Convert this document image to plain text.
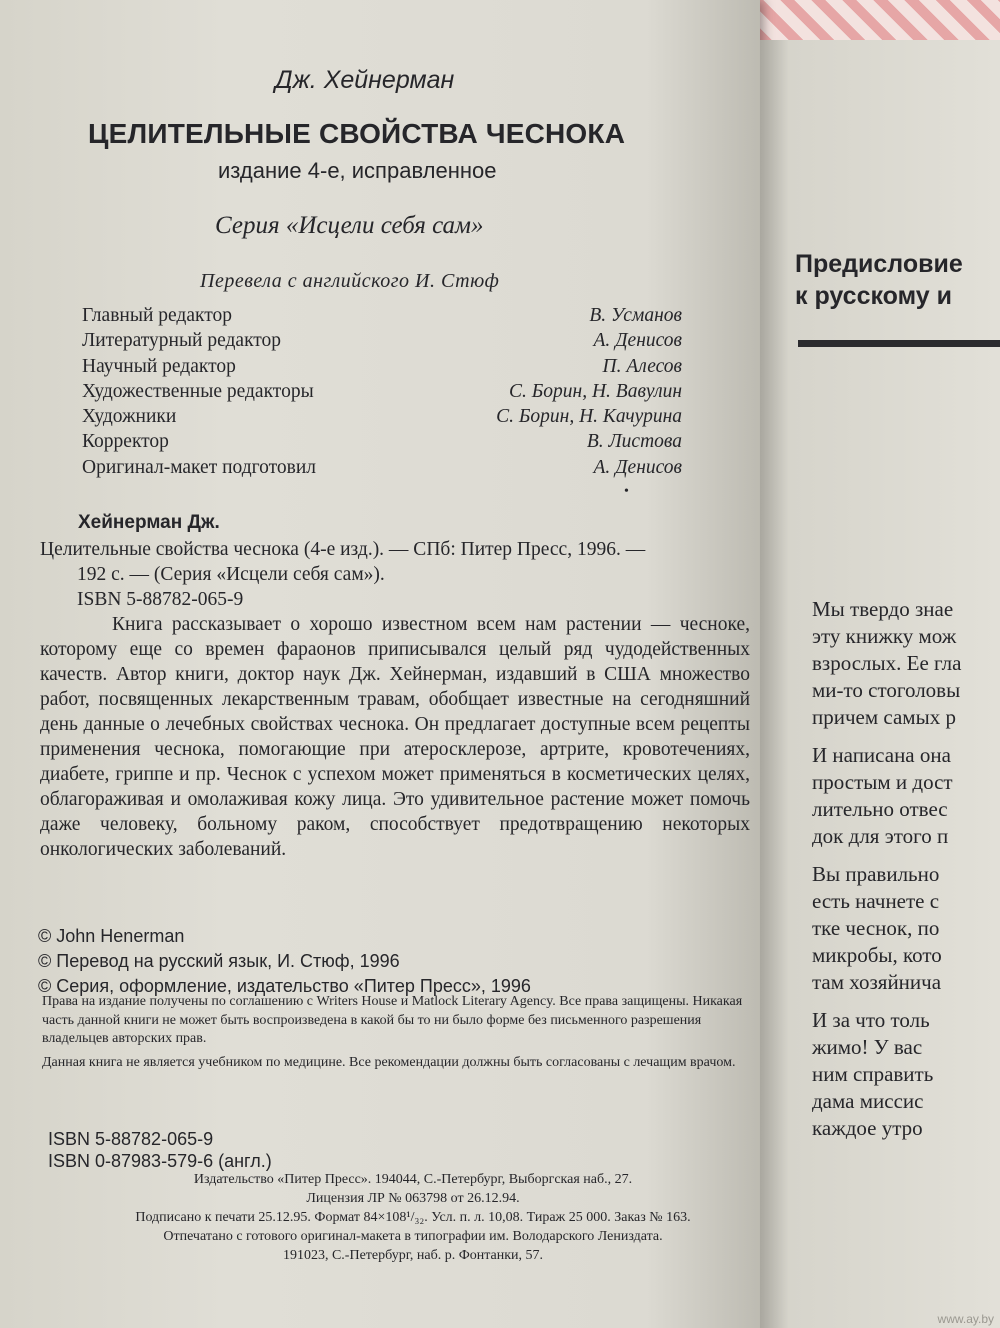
Дж. Хейнерман
ЦЕЛИТЕЛЬНЫЕ СВОЙСТВА ЧЕСНОКА
издание 4-е, исправленное
Серия «Исцели себя сам»
Перевела с английского И. Стюф
Главный редактор	В. Усманов
Литературный редактор	А. Денисов
Научный редактор	П. Алесов
Художественные редакторы	С. Борин, Н. Вавулин
Художники	С. Борин, Н. Качурина
Корректор	В. Листова
Оригинал-макет подготовил	А. Денисов
•
Хейнерман Дж.
Целительные свойства чеснока (4-е изд.). — СПб: Питер Пресс, 1996. —
192 с. — (Серия «Исцели себя сам»).
ISBN 5-88782-065-9

Книга рассказывает о хорошо известном всем нам растении — чесноке, которому еще со времен фараонов приписывался целый ряд чудодейственных качеств. Автор книги, доктор наук Дж. Хейнерман, издавший в США множество работ, посвященных лекарственным травам, обобщает известные на сегодняшний день данные о лечебных свойствах чеснока. Он предлагает доступные всем рецепты применения чеснока, помогающие при атеросклерозе, артрите, кровотечениях, диабете, гриппе и пр. Чеснок с успехом может применяться в косметических целях, облагораживая и омолаживая кожу лица. Это удивительное растение может помочь даже человеку, больному раком, способствует предотвращению некоторых онкологических заболеваний.

© John Henerman
© Перевод на русский язык, И. Стюф, 1996
© Серия, оформление, издательство «Питер Пресс», 1996

Права на издание получены по соглашению с Writers House и Matlock Literary Agency. Все права защищены. Никакая часть данной книги не может быть воспроизведена в какой бы то ни было форме без письменного разрешения владельцев авторских прав.

Данная книга не является учебником по медицине. Все рекомендации должны быть согласованы с лечащим врачом.

ISBN 5-88782-065-9
ISBN 0-87983-579-6 (англ.)
Издательство «Питер Пресс». 194044, С.-Петербург, Выборгская наб., 27.
Лицензия ЛР № 063798 от 26.12.94.
Подписано к печати 25.12.95. Формат 84×108¹/₃₂. Усл. п. л. 10,08. Тираж 25 000. Заказ № 163.
Отпечатано с готового оригинал-макета в типографии им. Володарского Лениздата.
191023, С.-Петербург, наб. р. Фонтанки, 57.
Предисловие
к русскому и

Мы твердо знае
эту книжку мож
взрослых. Ее гла
ми-то стоголовы
причем самых р

И написана она
простым и дост
лительно отвес
док для этого п

Вы правильно
есть начнете с
тке чеснок, по
микробы, кото
там хозяйнича

И за что толь
жимо! У вас
ним справить
дама миссис
каждое утро

www.ay.by
